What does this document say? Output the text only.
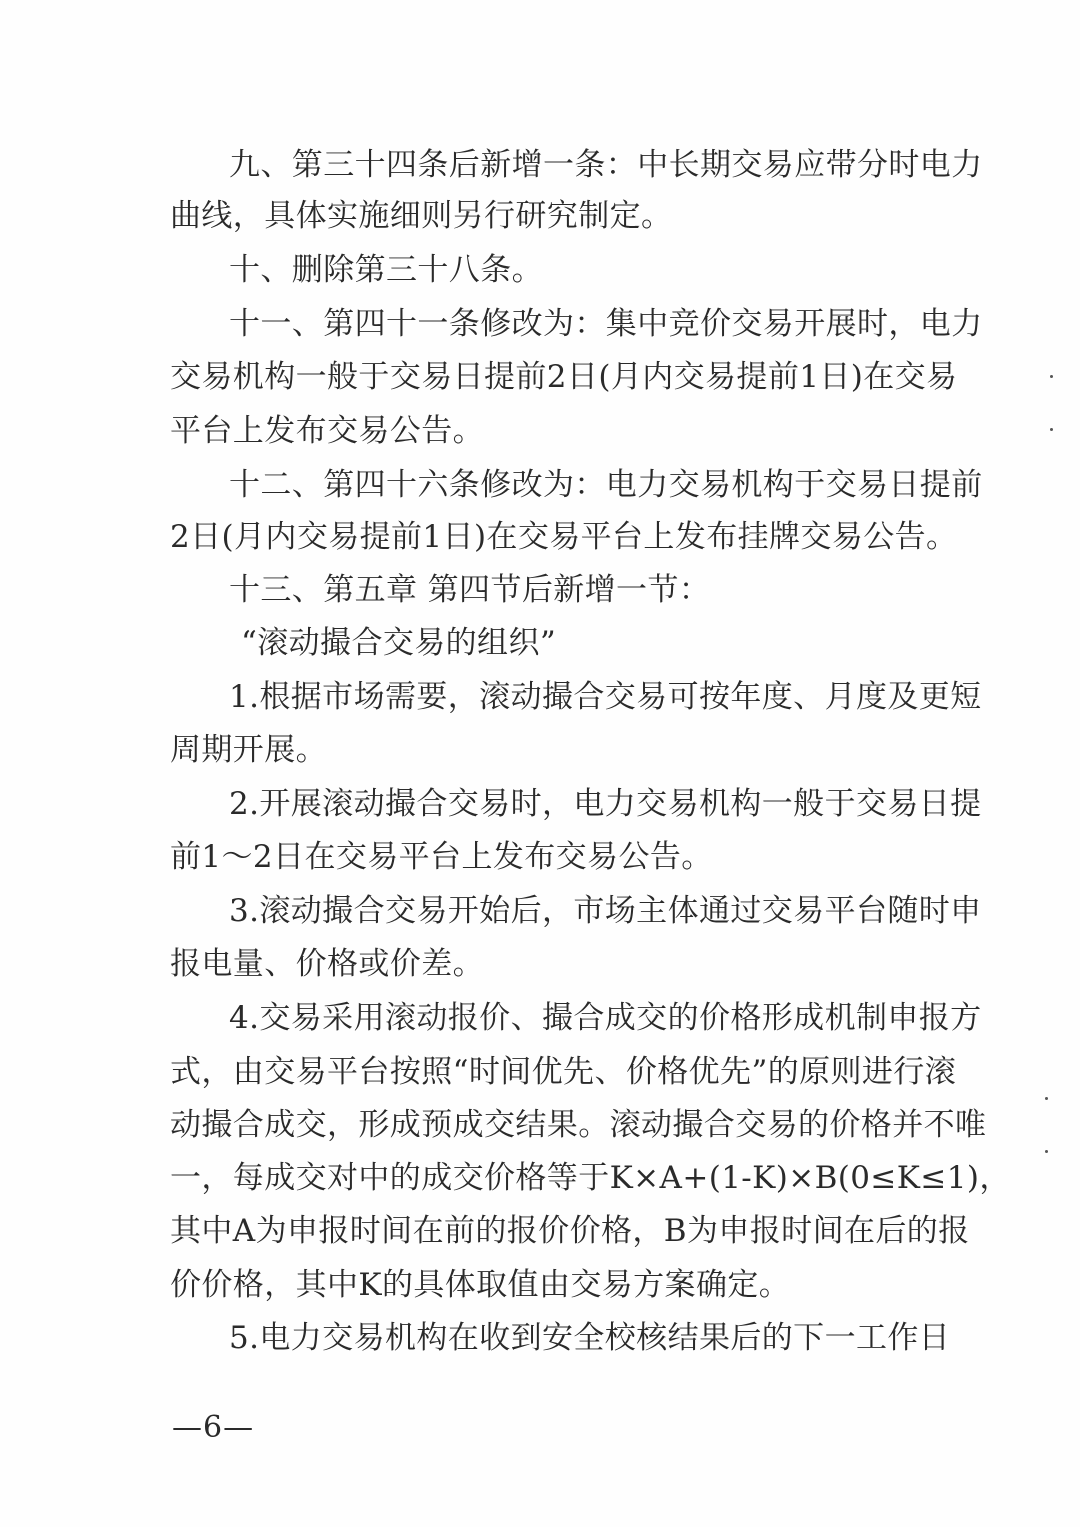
九、第三十四条后新增一条：中长期交易应带分时电力
曲线，具体实施细则另行研究制定。
十、删除第三十八条。
十一、第四十一条修改为：集中竞价交易开展时，电力
交易机构一般于交易日提前2日(月内交易提前1日)在交易
平台上发布交易公告。
十二、第四十六条修改为：电力交易机构于交易日提前
2日(月内交易提前1日)在交易平台上发布挂牌交易公告。
十三、第五章 第四节后新增一节：
“滚动撮合交易的组织”
1.根据市场需要，滚动撮合交易可按年度、月度及更短
周期开展。
2.开展滚动撮合交易时，电力交易机构一般于交易日提
前1～2日在交易平台上发布交易公告。
3.滚动撮合交易开始后，市场主体通过交易平台随时申
报电量、价格或价差。
4.交易采用滚动报价、撮合成交的价格形成机制申报方
式，由交易平台按照“时间优先、价格优先”的原则进行滚
动撮合成交，形成预成交结果。滚动撮合交易的价格并不唯
一，每成交对中的成交价格等于K×A+(1-K)×B(0≤K≤1)，
其中A为申报时间在前的报价价格，B为申报时间在后的报
价价格，其中K的具体取值由交易方案确定。
5.电力交易机构在收到安全校核结果后的下一工作日
—6—
